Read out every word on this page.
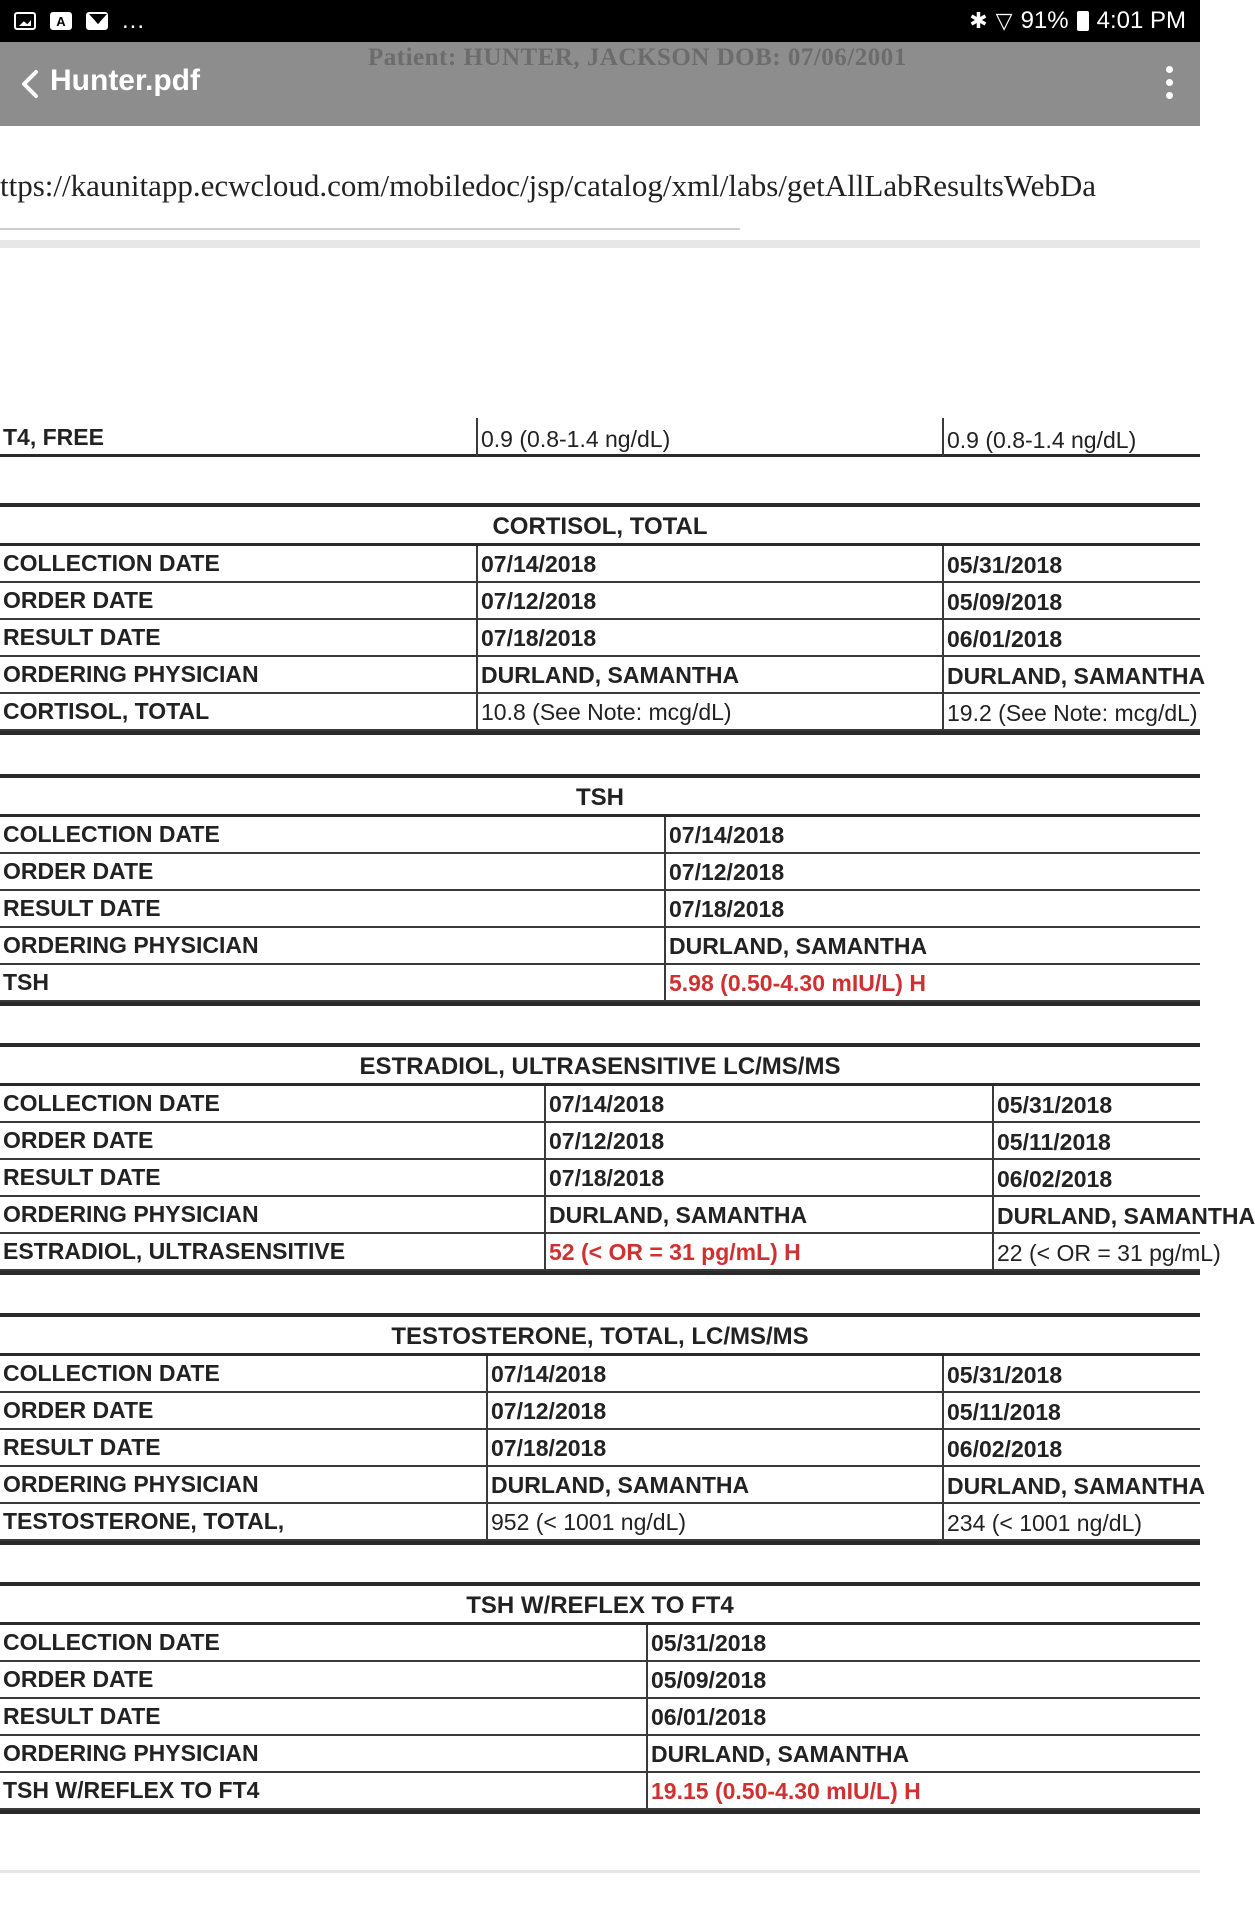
A ...	✱ ▽ 91% 4:01 PM
Patient: HUNTER, JACKSON DOB: 07/06/2001
Hunter.pdf
ttps://kaunitapp.ecwcloud.com/mobiledoc/jsp/catalog/xml/labs/getAllLabResultsWebDa
T4, FREE	0.9 (0.8-1.4 ng/dL)	0.9 (0.8-1.4 ng/dL)
CORTISOL, TOTAL
COLLECTION DATE	07/14/2018	05/31/2018
ORDER DATE	07/12/2018	05/09/2018
RESULT DATE	07/18/2018	06/01/2018
ORDERING PHYSICIAN	DURLAND, SAMANTHA	DURLAND, SAMANTHA
CORTISOL, TOTAL	10.8 (See Note: mcg/dL)	19.2 (See Note: mcg/dL)
TSH
COLLECTION DATE	07/14/2018
ORDER DATE	07/12/2018
RESULT DATE	07/18/2018
ORDERING PHYSICIAN	DURLAND, SAMANTHA
TSH	5.98 (0.50-4.30 mIU/L) H
ESTRADIOL, ULTRASENSITIVE LC/MS/MS
COLLECTION DATE	07/14/2018	05/31/2018
ORDER DATE	07/12/2018	05/11/2018
RESULT DATE	07/18/2018	06/02/2018
ORDERING PHYSICIAN	DURLAND, SAMANTHA	DURLAND, SAMANTHA
ESTRADIOL, ULTRASENSITIVE	52 (< OR = 31 pg/mL) H	22 (< OR = 31 pg/mL)
TESTOSTERONE, TOTAL, LC/MS/MS
COLLECTION DATE	07/14/2018	05/31/2018
ORDER DATE	07/12/2018	05/11/2018
RESULT DATE	07/18/2018	06/02/2018
ORDERING PHYSICIAN	DURLAND, SAMANTHA	DURLAND, SAMANTHA
TESTOSTERONE, TOTAL,	952 (< 1001 ng/dL)	234 (< 1001 ng/dL)
TSH W/REFLEX TO FT4
COLLECTION DATE	05/31/2018
ORDER DATE	05/09/2018
RESULT DATE	06/01/2018
ORDERING PHYSICIAN	DURLAND, SAMANTHA
TSH W/REFLEX TO FT4	19.15 (0.50-4.30 mIU/L) H
